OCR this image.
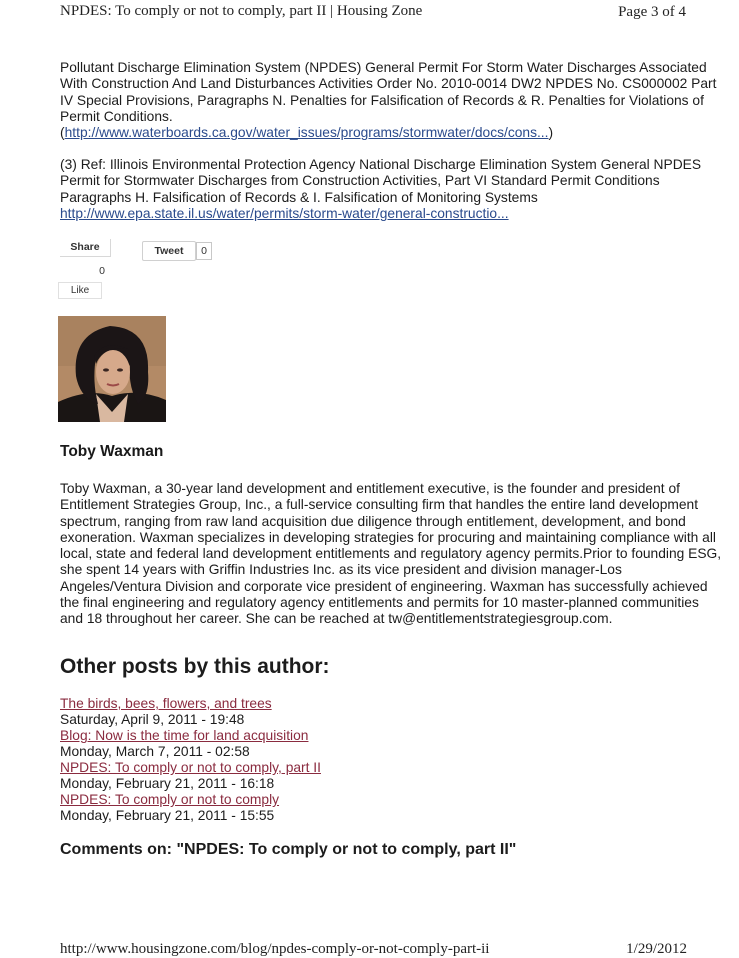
NPDES: To comply or not to comply, part II | Housing Zone	Page 3 of 4

Pollutant Discharge Elimination System (NPDES) General Permit For Storm Water Discharges Associated With Construction And Land Disturbances Activities Order No. 2010-0014 DW2 NPDES No. CS000002 Part IV Special Provisions, Paragraphs N. Penalties for Falsification of Records & R. Penalties for Violations of Permit Conditions.
(http://www.waterboards.ca.gov/water_issues/programs/stormwater/docs/cons...)

(3) Ref: Illinois Environmental Protection Agency National Discharge Elimination System General NPDES Permit for Stormwater Discharges from Construction Activities, Part VI Standard Permit Conditions Paragraphs H. Falsification of Records & I. Falsification of Monitoring Systems
http://www.epa.state.il.us/water/permits/storm-water/general-constructio...

Share	Tweet	0
0
Like
Toby Waxman

Toby Waxman, a 30-year land development and entitlement executive, is the founder and president of Entitlement Strategies Group, Inc., a full-service consulting firm that handles the entire land development spectrum, ranging from raw land acquisition due diligence through entitlement, development, and bond exoneration. Waxman specializes in developing strategies for procuring and maintaining compliance with all local, state and federal land development entitlements and regulatory agency permits.Prior to founding ESG, she spent 14 years with Griffin Industries Inc. as its vice president and division manager-Los Angeles/Ventura Division and corporate vice president of engineering. Waxman has successfully achieved the final engineering and regulatory agency entitlements and permits for 10 master-planned communities and 18 throughout her career. She can be reached at tw@entitlementstrategiesgroup.com.

Other posts by this author:
The birds, bees, flowers, and trees
Saturday, April 9, 2011 - 19:48
Blog: Now is the time for land acquisition
Monday, March 7, 2011 - 02:58
NPDES: To comply or not to comply, part II
Monday, February 21, 2011 - 16:18
NPDES: To comply or not to comply
Monday, February 21, 2011 - 15:55
Comments on: "NPDES: To comply or not to comply, part II"
http://www.housingzone.com/blog/npdes-comply-or-not-comply-part-ii	1/29/2012
